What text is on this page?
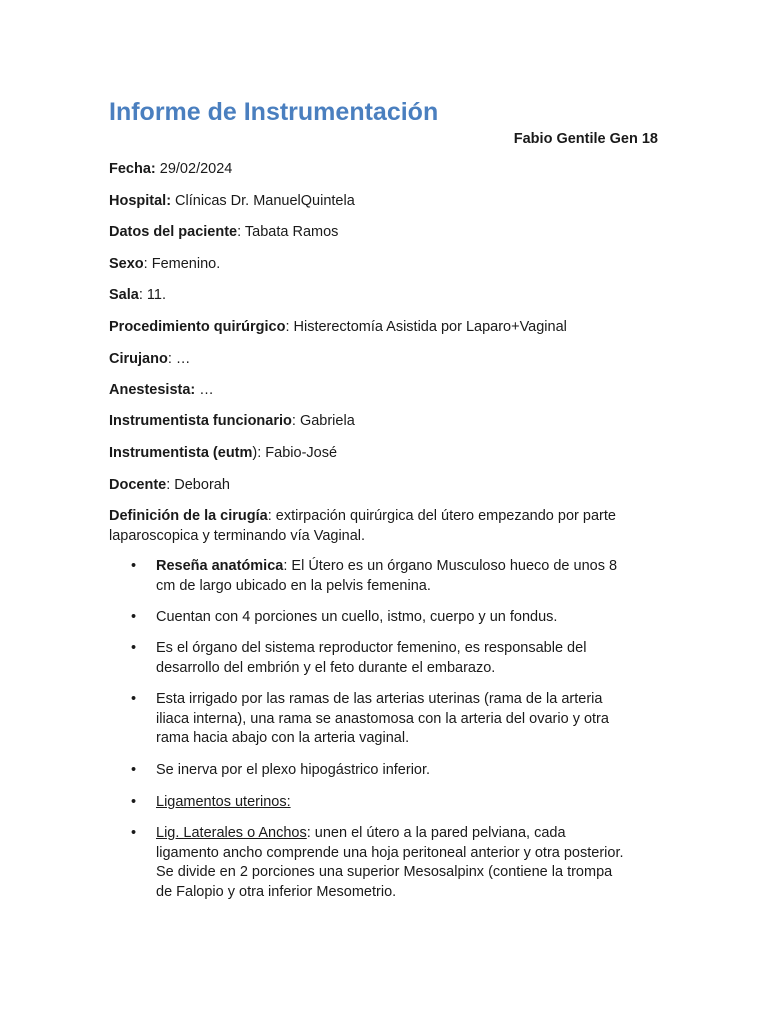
Informe de Instrumentación
Fabio Gentile Gen 18

Fecha: 29/02/2024

Hospital: Clínicas Dr. ManuelQuintela

Datos del paciente: Tabata Ramos

Sexo: Femenino.

Sala: 11.

Procedimiento quirúrgico: Histerectomía Asistida por Laparo+Vaginal

Cirujano: …

Anestesista: …

Instrumentista funcionario: Gabriela

Instrumentista (eutm): Fabio-José

Docente: Deborah

Definición de la cirugía: extirpación quirúrgica del útero empezando por parte
laparoscopica y terminando vía Vaginal.

• Reseña anatómica: El Útero es un órgano Musculoso hueco de unos 8
cm de largo ubicado en la pelvis femenina.
• Cuentan con 4 porciones un cuello, istmo, cuerpo y un fondus.
• Es el órgano del sistema reproductor femenino, es responsable del
desarrollo del embrión y el feto durante el embarazo.
• Esta irrigado por las ramas de las arterias uterinas (rama de la arteria
iliaca interna), una rama se anastomosa con la arteria del ovario y otra
rama hacia abajo con la arteria vaginal.
• Se inerva por el plexo hipogástrico inferior.
• Ligamentos uterinos:
• Lig. Laterales o Anchos: unen el útero a la pared pelviana, cada
ligamento ancho comprende una hoja peritoneal anterior y otra posterior.
Se divide en 2 porciones una superior Mesosalpinx (contiene la trompa
de Falopio y otra inferior Mesometrio.
